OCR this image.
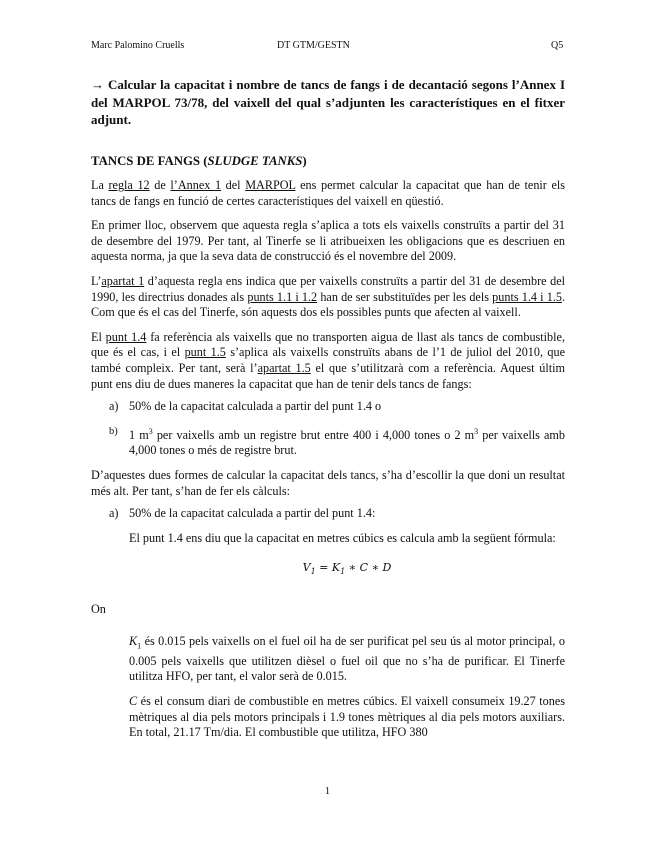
Marc Palomino Cruells	DT GTM/GESTN	Q5

→ Calcular la capacitat i nombre de tancs de fangs i de decantació segons l’Annex I del MARPOL 73/78, del vaixell del qual s’adjunten les característiques en el fitxer adjunt.

TANCS DE FANGS (SLUDGE TANKS)

La regla 12 de l’Annex 1 del MARPOL ens permet calcular la capacitat que han de tenir els tancs de fangs en funció de certes característiques del vaixell en qüestió.

En primer lloc, observem que aquesta regla s’aplica a tots els vaixells construïts a partir del 31 de desembre del 1979. Per tant, al Tinerfe se li atribueixen les obligacions que es descriuen en aquesta norma, ja que la seva data de construcció és el novembre del 2009.

L’apartat 1 d’aquesta regla ens indica que per vaixells construïts a partir del 31 de desembre del 1990, les directrius donades als punts 1.1 i 1.2 han de ser substituïdes per les dels punts 1.4 i 1.5. Com que és el cas del Tinerfe, són aquests dos els possibles punts que afecten al vaixell.

El punt 1.4 fa referència als vaixells que no transporten aigua de llast als tancs de combustible, que és el cas, i el punt 1.5 s’aplica als vaixells construïts abans de l’1 de juliol del 2010, que també compleix. Per tant, serà l’apartat 1.5 el que s’utilitzarà com a referència. Aquest últim punt ens diu de dues maneres la capacitat que han de tenir dels tancs de fangs:

a) 50% de la capacitat calculada a partir del punt 1.4 o

b) 1 $m^3$ per vaixells amb un registre brut entre 400 i 4,000 tones o 2 $m^3$ per vaixells amb 4,000 tones o més de registre brut.

D’aquestes dues formes de calcular la capacitat dels tancs, s’ha d’escollir la que doni un resultat més alt. Per tant, s’han de fer els càlculs:

a) 50% de la capacitat calculada a partir del punt 1.4:

El punt 1.4 ens diu que la capacitat en metres cúbics es calcula amb la següent fórmula:

$V_1 = K_1$ ∗ C ∗ D

On

$K_1$ és 0.015 pels vaixells on el fuel oil ha de ser purificat pel seu ús al motor principal, o 0.005 pels vaixells que utilitzen dièsel o fuel oil que no s’ha de purificar. El Tinerfe utilitza HFO, per tant, el valor serà de 0.015.

C és el consum diari de combustible en metres cúbics. El vaixell consumeix 19.27 tones mètriques al dia pels motors principals i 1.9 tones mètriques al dia pels motors auxiliars. En total, 21.17 Tm/dia. El combustible que utilitza, HFO 380

1
